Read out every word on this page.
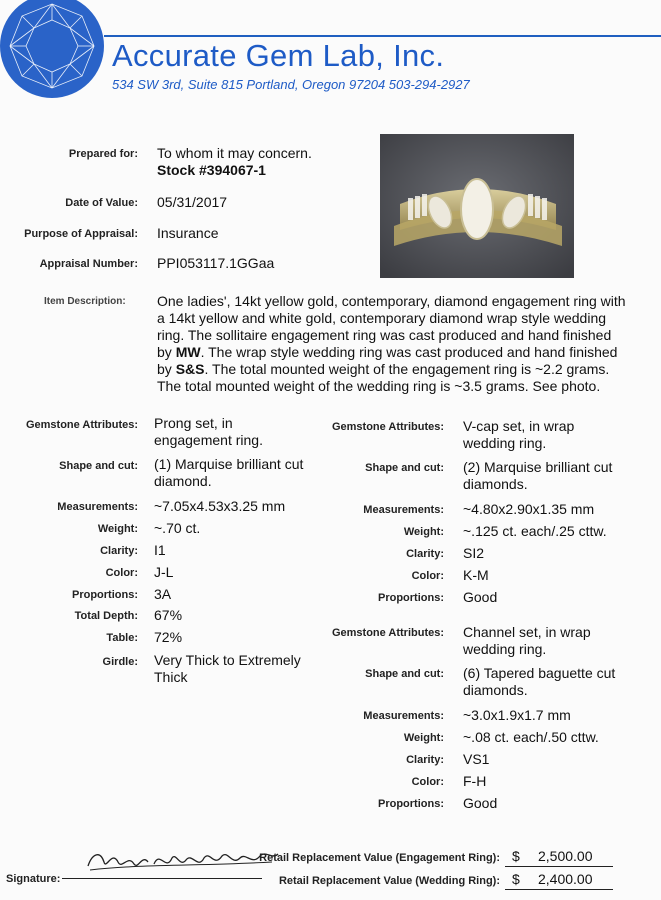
Accurate Gem Lab, Inc.
534 SW 3rd, Suite 815 Portland, Oregon 97204 503-294-2927
Prepared for: To whom it may concern.
Stock #394067-1
Date of Value: 05/31/2017
Purpose of Appraisal: Insurance
Appraisal Number: PPI053117.1GGaa
Item Description: One ladies', 14kt yellow gold, contemporary, diamond engagement ring with a 14kt yellow and white gold, contemporary diamond wrap style wedding ring. The sollitaire engagement ring was cast produced and hand finished by MW. The wrap style wedding ring was cast produced and hand finished by S&S. The total mounted weight of the engagement ring is ~2.2 grams. The total mounted weight of the wedding ring is ~3.5 grams. See photo.
Gemstone Attributes: Prong set, in
engagement ring.
Shape and cut: (1) Marquise brilliant cut
diamond.
Measurements: ~7.05x4.53x3.25 mm
Weight: ~.70 ct.
Clarity: I1
Color: J-L
Proportions: 3A
Total Depth: 67%
Table: 72%
Girdle: Very Thick to Extremely
Thick
Gemstone Attributes: V-cap set, in wrap
wedding ring.
Shape and cut: (2) Marquise brilliant cut
diamonds.
Measurements: ~4.80x2.90x1.35 mm
Weight: ~.125 ct. each/.25 cttw.
Clarity: SI2
Color: K-M
Proportions: Good
Gemstone Attributes: Channel set, in wrap
wedding ring.
Shape and cut: (6) Tapered baguette cut
diamonds.
Measurements: ~3.0x1.9x1.7 mm
Weight: ~.08 ct. each/.50 cttw.
Clarity: VS1
Color: F-H
Proportions: Good
Signature:
Retail Replacement Value (Engagement Ring): $ 2,500.00
Retail Replacement Value (Wedding Ring): $ 2,400.00
